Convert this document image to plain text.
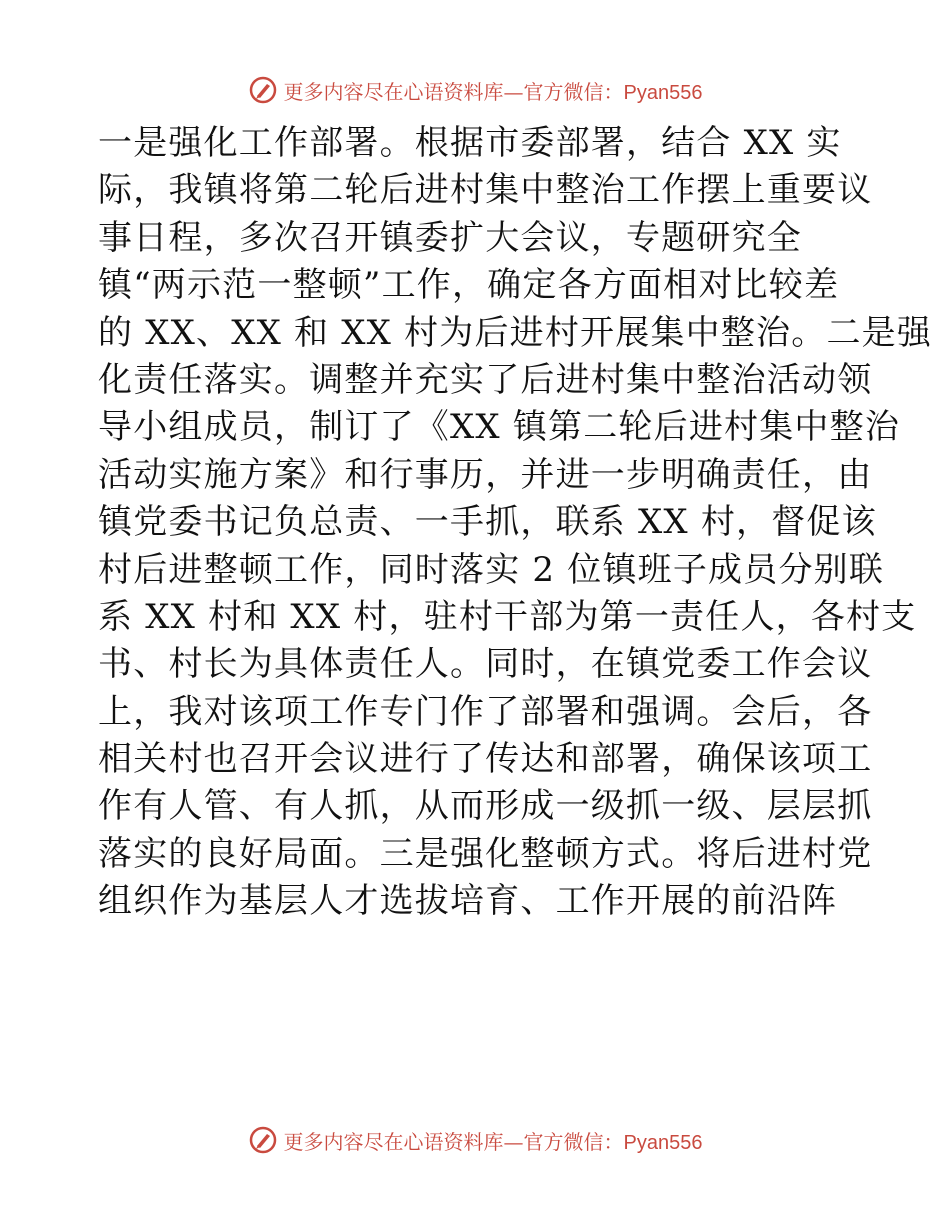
更多内容尽在心语资料库—官方微信：Pyan556
一是强化工作部署。根据市委部署，结合 XX 实
际，我镇将第二轮后进村集中整治工作摆上重要议
事日程，多次召开镇委扩大会议，专题研究全
镇“两示范一整顿”工作，确定各方面相对比较差
的 XX、XX 和 XX 村为后进村开展集中整治。二是强
化责任落实。调整并充实了后进村集中整治活动领
导小组成员，制订了《XX 镇第二轮后进村集中整治
活动实施方案》和行事历，并进一步明确责任，由
镇党委书记负总责、一手抓，联系 XX 村，督促该
村后进整顿工作，同时落实 2 位镇班子成员分别联
系 XX 村和 XX 村，驻村干部为第一责任人，各村支
书、村长为具体责任人。同时，在镇党委工作会议
上，我对该项工作专门作了部署和强调。会后，各
相关村也召开会议进行了传达和部署，确保该项工
作有人管、有人抓，从而形成一级抓一级、层层抓
落实的良好局面。三是强化整顿方式。将后进村党
组织作为基层人才选拔培育、工作开展的前沿阵
更多内容尽在心语资料库—官方微信：Pyan556
